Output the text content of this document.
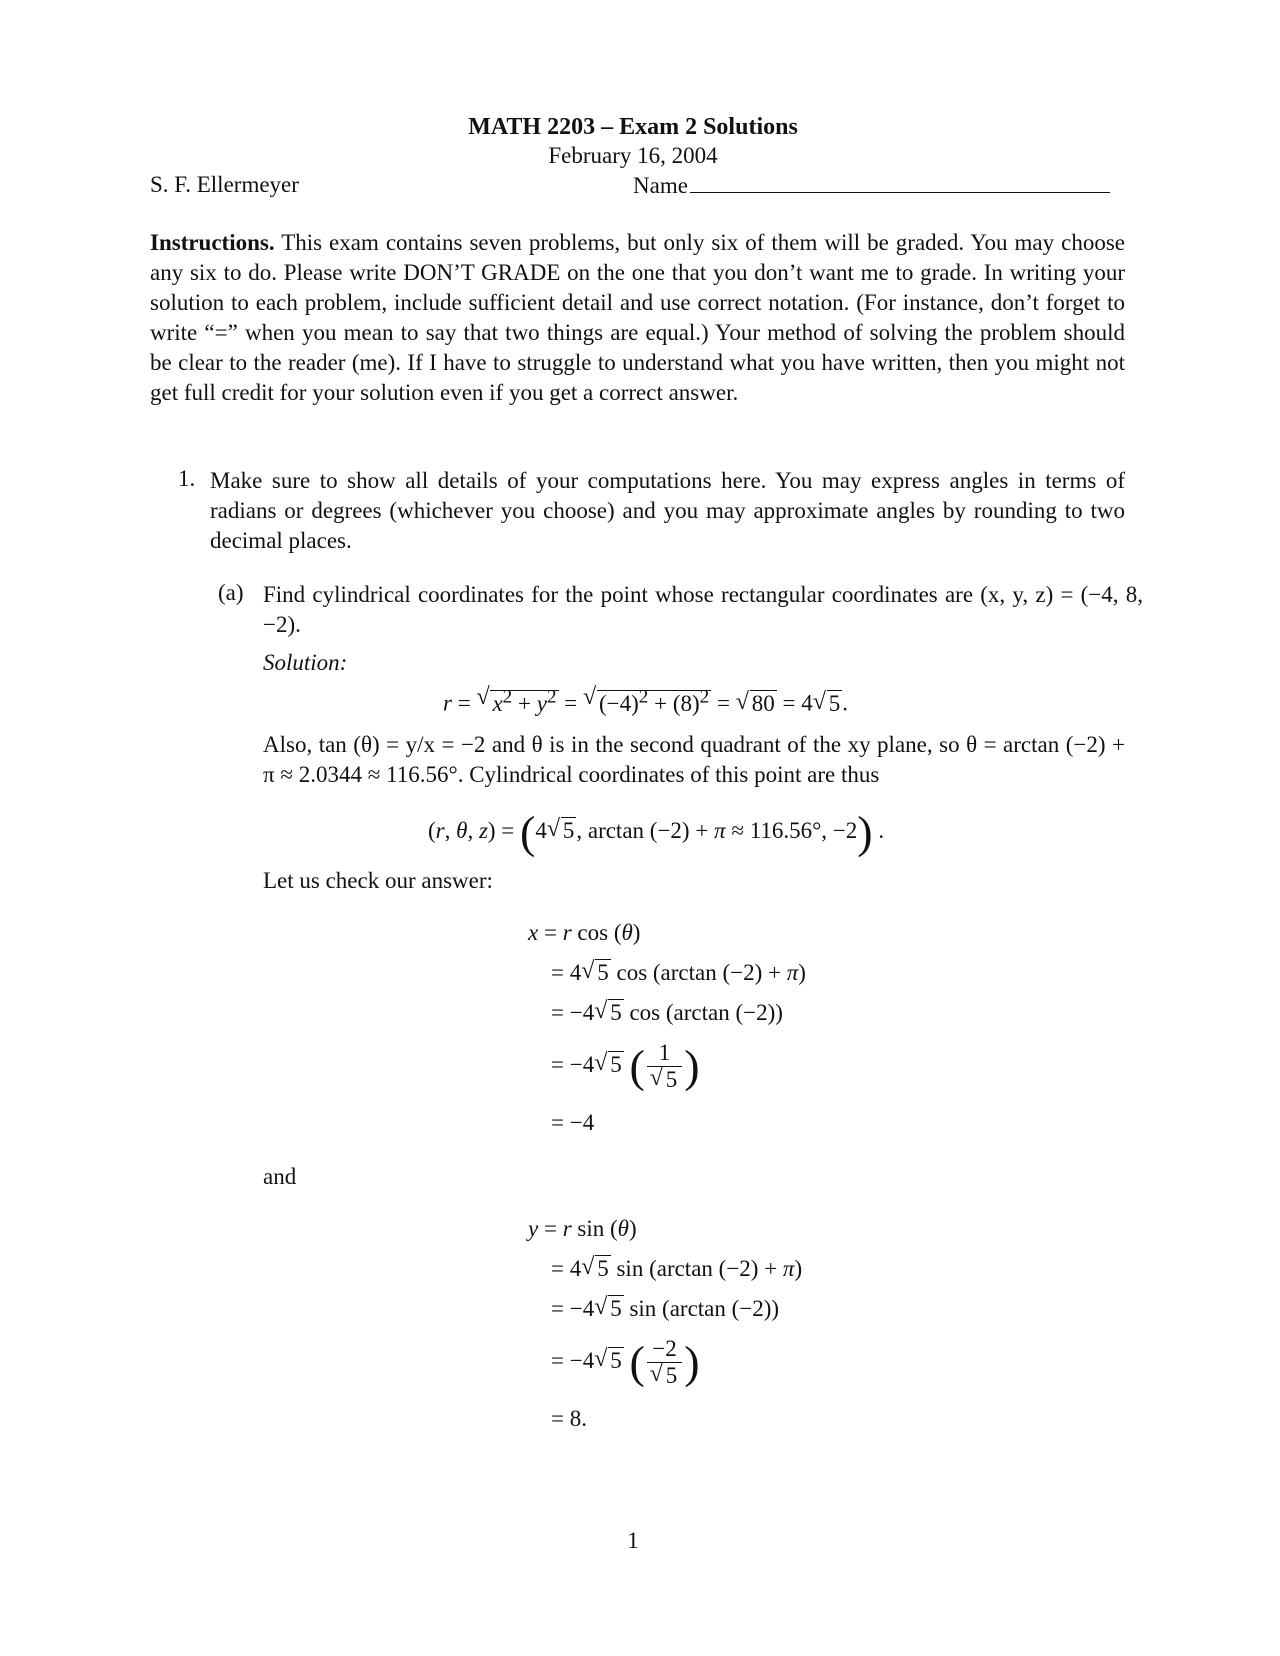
MATH 2203 – Exam 2 Solutions
February 16, 2004
S. F. Ellermeyer	Name
Instructions. This exam contains seven problems, but only six of them will be graded. You may choose any six to do. Please write DON’T GRADE on the one that you don’t want me to grade. In writing your solution to each problem, include sufficient detail and use correct notation. (For instance, don’t forget to write “=” when you mean to say that two things are equal.) Your method of solving the problem should be clear to the reader (me). If I have to struggle to understand what you have written, then you might not get full credit for your solution even if you get a correct answer.
1. Make sure to show all details of your computations here. You may express angles in terms of radians or degrees (whichever you choose) and you may approximate angles by rounding to two decimal places.
(a) Find cylindrical coordinates for the point whose rectangular coordinates are (x, y, z) = (−4, 8, −2).
Solution:
r = √ $x^2 + y^2$ = √ $(-4)^2 + (8)^2$ = √ 80 = 4 √ 5.
Also, tan (θ) = y/x = −2 and θ is in the second quadrant of the xy plane, so θ = arctan (−2) + π ≈ 2.0344 ≈ 116.56°. Cylindrical coordinates of this point are thus
(r, θ, z) = (4 √ 5, arctan (−2) + π ≈ 116.56°, −2) .
Let us check our answer:
x = r cos (θ)
= 4 √ 5 cos (arctan (−2) + π)
= −4 √ 5 cos (arctan (−2))
= −4 √ 5 ( 1
√ 5 )
= −4
and
y = r sin (θ)
= 4 √ 5 sin (arctan (−2) + π)
= −4 √ 5 sin (arctan (−2))
= −4 √ 5 ( −2
√ 5 )
= 8.
1
